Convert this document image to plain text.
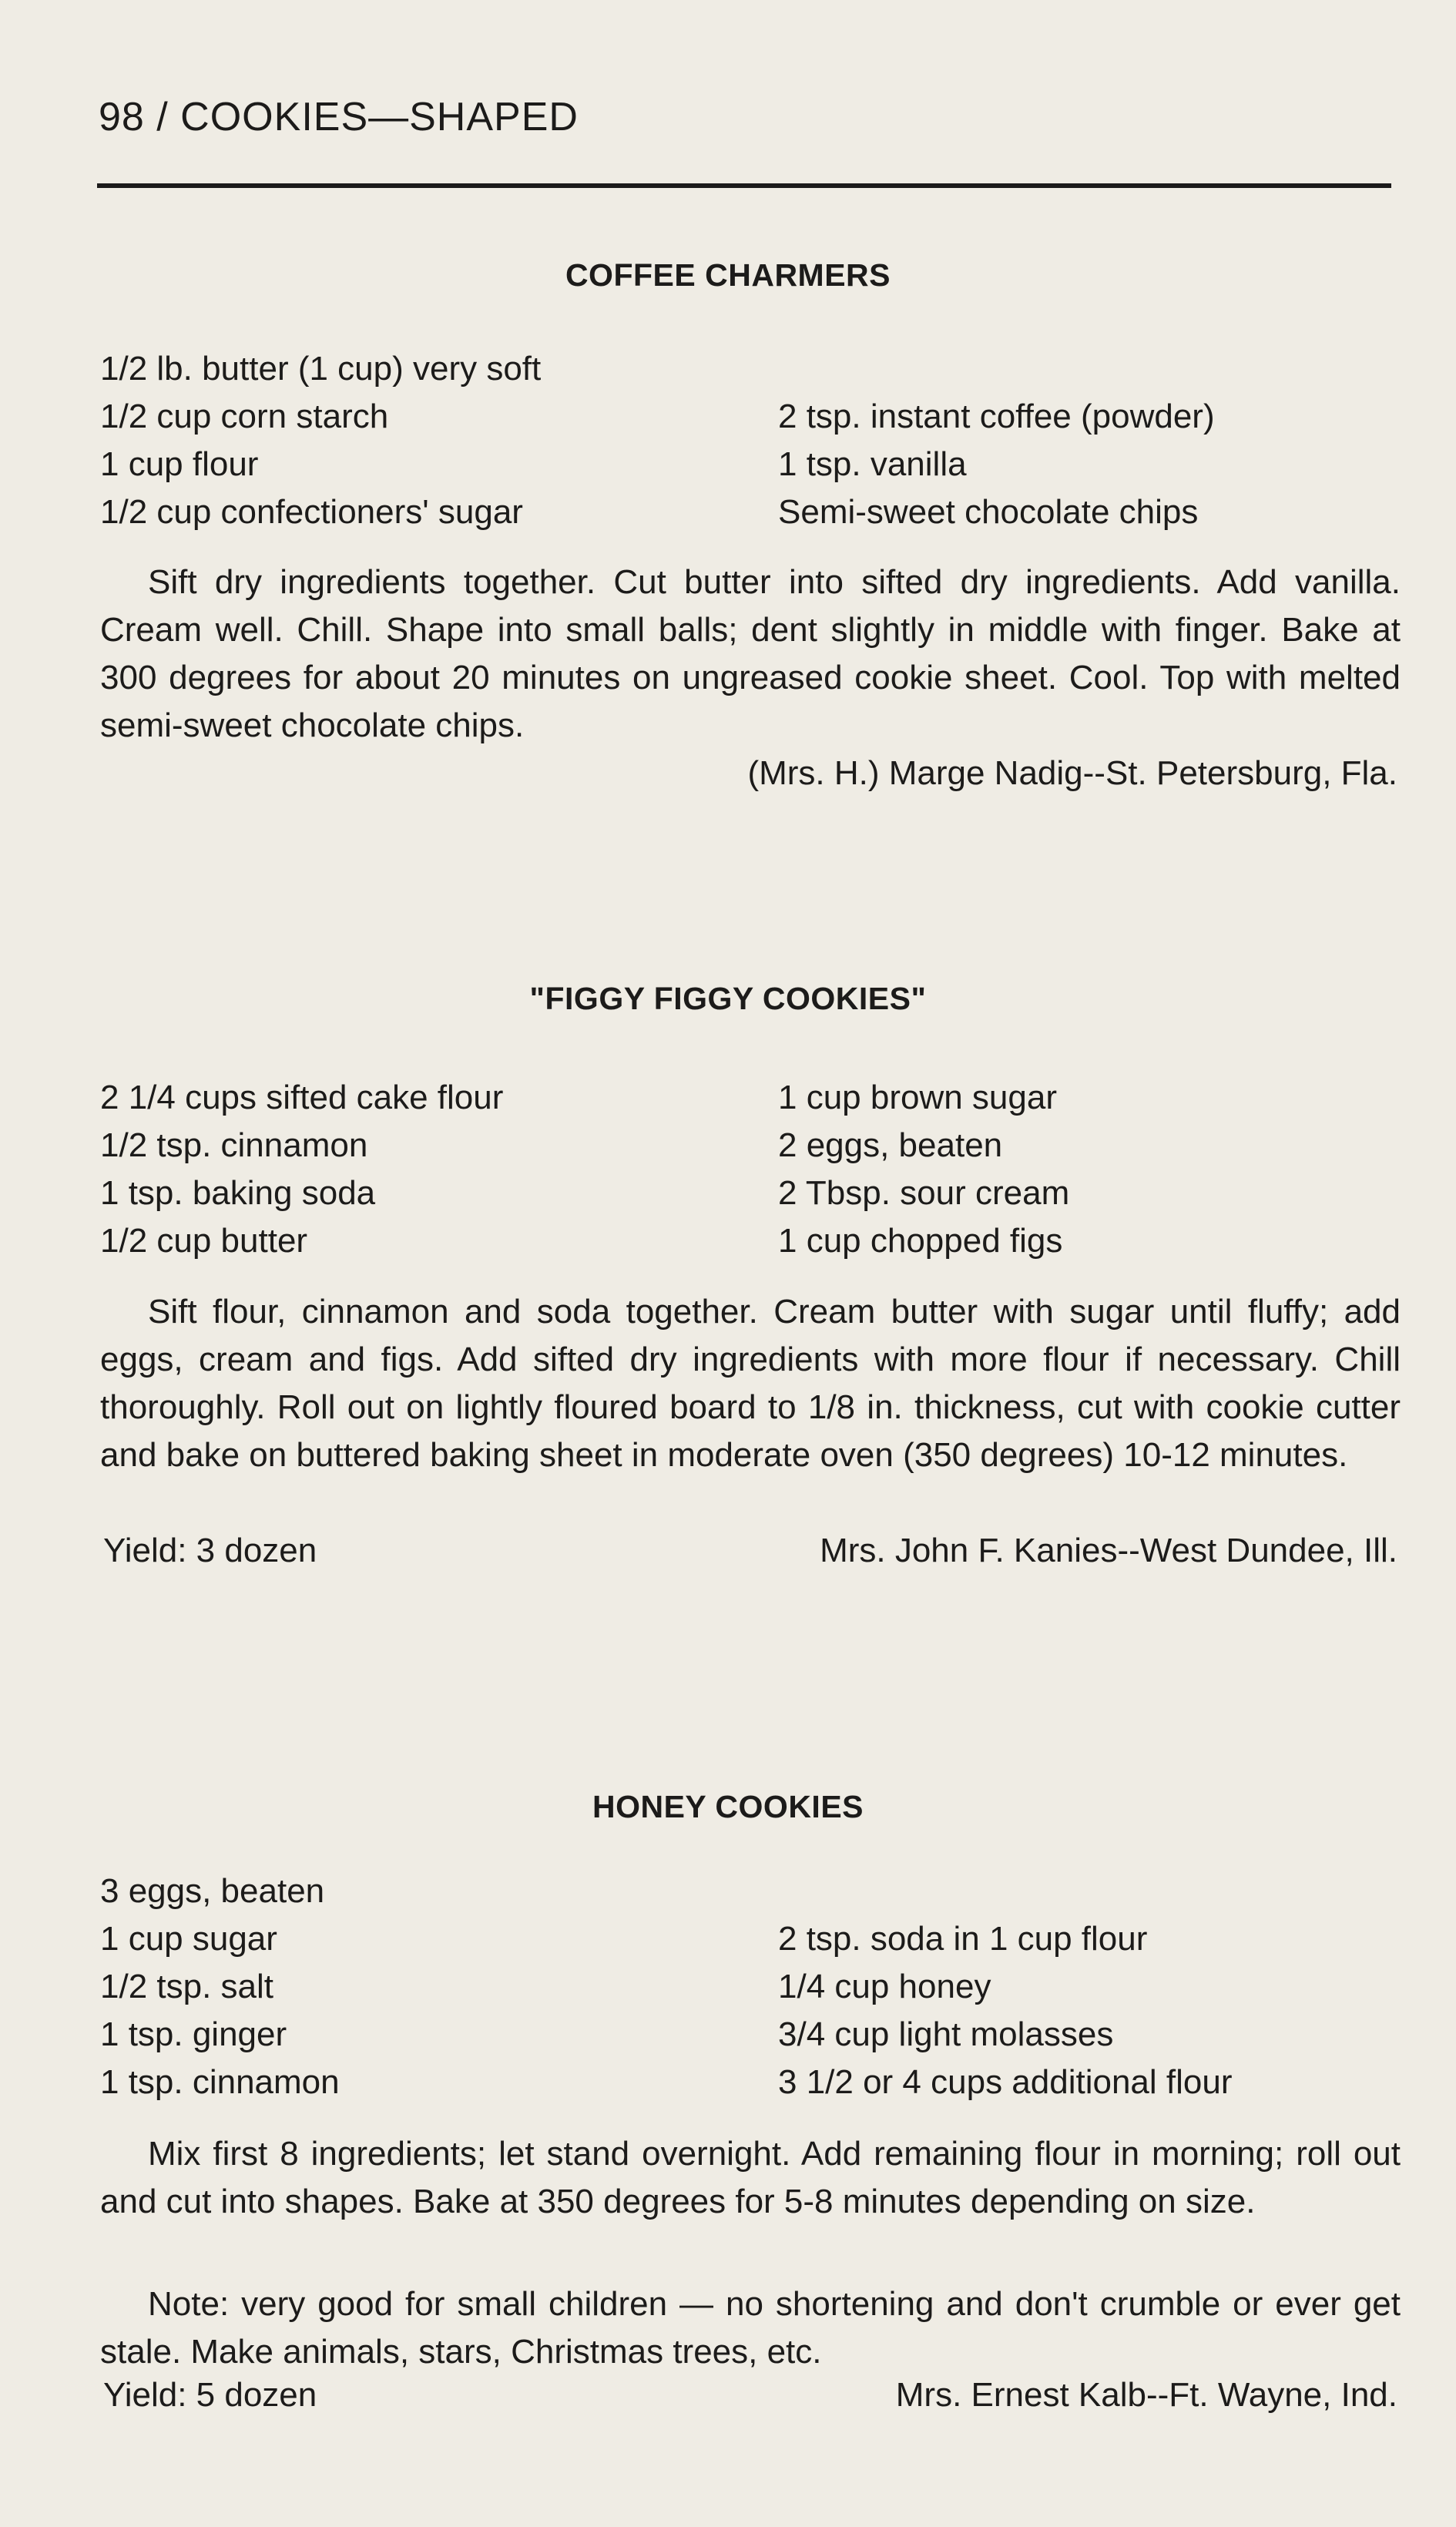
98 / COOKIES—SHAPED
COFFEE CHARMERS
1/2 lb. butter (1 cup) very soft
1/2 cup corn starch
1 cup flour
1/2 cup confectioners' sugar
2 tsp. instant coffee (powder)
1 tsp. vanilla
Semi-sweet chocolate chips

Sift dry ingredients together. Cut butter into sifted dry ingredients. Add vanilla. Cream well. Chill. Shape into small balls; dent slightly in middle with finger. Bake at 300 degrees for about 20 minutes on ungreased cookie sheet. Cool. Top with melted semi-sweet chocolate chips.

(Mrs. H.) Marge Nadig--St. Petersburg, Fla.
"FIGGY FIGGY COOKIES"
2 1/4 cups sifted cake flour
1/2 tsp. cinnamon
1 tsp. baking soda
1/2 cup butter
1 cup brown sugar
2 eggs, beaten
2 Tbsp. sour cream
1 cup chopped figs

Sift flour, cinnamon and soda together. Cream butter with sugar until fluffy; add eggs, cream and figs. Add sifted dry ingredients with more flour if necessary. Chill thoroughly. Roll out on lightly floured board to 1/8 in. thickness, cut with cookie cutter and bake on buttered baking sheet in moderate oven (350 degrees) 10-12 minutes.

Yield: 3 dozen	Mrs. John F. Kanies--West Dundee, Ill.
HONEY COOKIES
3 eggs, beaten
1 cup sugar
1/2 tsp. salt
1 tsp. ginger
1 tsp. cinnamon
2 tsp. soda in 1 cup flour
1/4 cup honey
3/4 cup light molasses
3 1/2 or 4 cups additional flour

Mix first 8 ingredients; let stand overnight. Add remaining flour in morning; roll out and cut into shapes. Bake at 350 degrees for 5-8 minutes depending on size.

Note: very good for small children — no shortening and don't crumble or ever get stale. Make animals, stars, Christmas trees, etc.

Yield: 5 dozen	Mrs. Ernest Kalb--Ft. Wayne, Ind.
